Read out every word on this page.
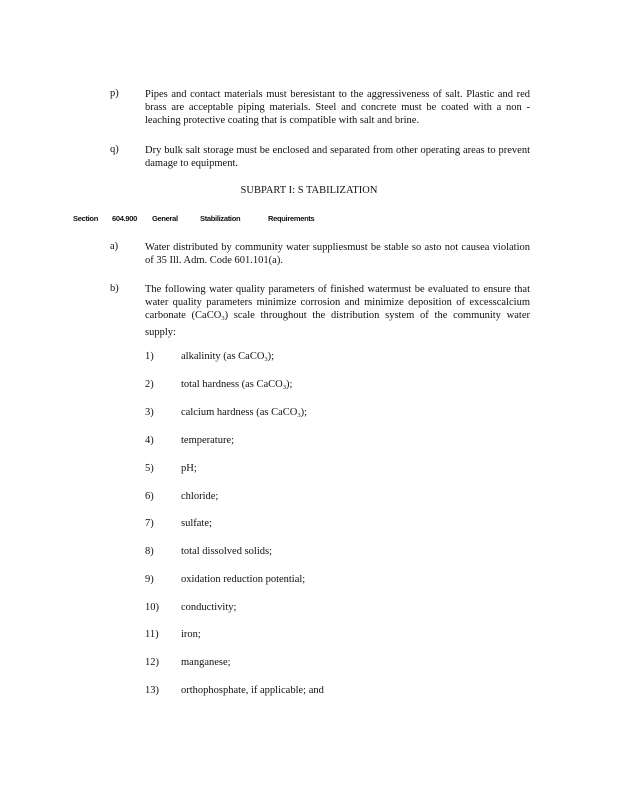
p)	Pipes and contact materials must beresistant to the aggressiveness of salt. Plastic and red brass are acceptable piping materials. Steel and concrete must be coated with a non -leaching protective coating that is compatible with salt and brine.
q)	Dry bulk salt storage must be enclosed and separated from other operating areas to prevent damage to equipment.
SUBPART I: S TABILIZATION
Section 604.900 General	Stabilization	Requirements
a)	Water distributed by community water suppliesmust be stable so asto not causea violation of 35 Ill. Adm. Code 601.101(a).
b)	The following water quality parameters of finished watermust be evaluated to ensure that water quality parameters minimize corrosion and minimize deposition of excesscalcium carbonate (CaCO$_3$) scale throughout the distribution system of the community water supply:
1)	alkalinity (as CaCO$_3$);
2)	total hardness (as CaCO$_3$);
3)	calcium hardness (as CaCO$_3$);
4)	temperature;
5)	pH;
6)	chloride;
7)	sulfate;
8)	total dissolved solids;
9)	oxidation reduction potential;
10) conductivity;
11) iron;
12) manganese;
13) orthophosphate, if applicable; and
